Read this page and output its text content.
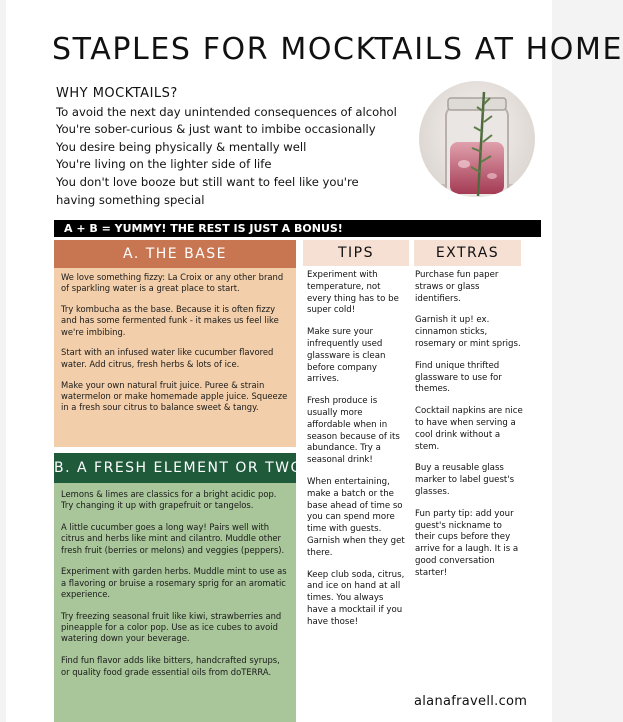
STAPLES FOR MOCKTAILS AT HOME
WHY MOCKTAILS?
To avoid the next day unintended consequences of alcohol
You're sober-curious & just want to imbibe occasionally
You desire being physically & mentally well
You're living on the lighter side of life
You don't love booze but still want to feel like you're
having something special
A + B = YUMMY! THE REST IS JUST A BONUS!
A. THE BASE

We love something fizzy: La Croix or any other brand of sparkling water is a great place to start.

Try kombucha as the base. Because it is often fizzy and has some fermented funk - it makes us feel like we're imbibing.

Start with an infused water like cucumber flavored water. Add citrus, fresh herbs & lots of ice.

Make your own natural fruit juice. Puree & strain watermelon or make homemade apple juice. Squeeze in a fresh sour citrus to balance sweet & tangy.

B. A FRESH ELEMENT OR TWO

Lemons & limes are classics for a bright acidic pop. Try changing it up with grapefruit or tangelos.

A little cucumber goes a long way! Pairs well with citrus and herbs like mint and cilantro. Muddle other fresh fruit (berries or melons) and veggies (peppers).

Experiment with garden herbs. Muddle mint to use as a flavoring or bruise a rosemary sprig for an aromatic experience.

Try freezing seasonal fruit like kiwi, strawberries and pineapple for a color pop. Use as ice cubes to avoid watering down your beverage.

Find fun flavor adds like bitters, handcrafted syrups, or quality food grade essential oils from doTERRA.

TIPS

Experiment with temperature, not every thing has to be super cold!

Make sure your infrequently used glassware is clean before company arrives.

Fresh produce is usually more affordable when in season because of its abundance. Try a seasonal drink!

When entertaining, make a batch or the base ahead of time so you can spend more time with guests. Garnish when they get there.

Keep club soda, citrus, and ice on hand at all times. You always have a mocktail if you have those!

EXTRAS

Purchase fun paper straws or glass identifiers.

Garnish it up! ex. cinnamon sticks, rosemary or mint sprigs.

Find unique thrifted glassware to use for themes.

Cocktail napkins are nice to have when serving a cool drink without a stem.

Buy a reusable glass marker to label guest's glasses.

Fun party tip: add your guest's nickname to their cups before they arrive for a laugh. It is a good conversation starter!

alanafravell.com
